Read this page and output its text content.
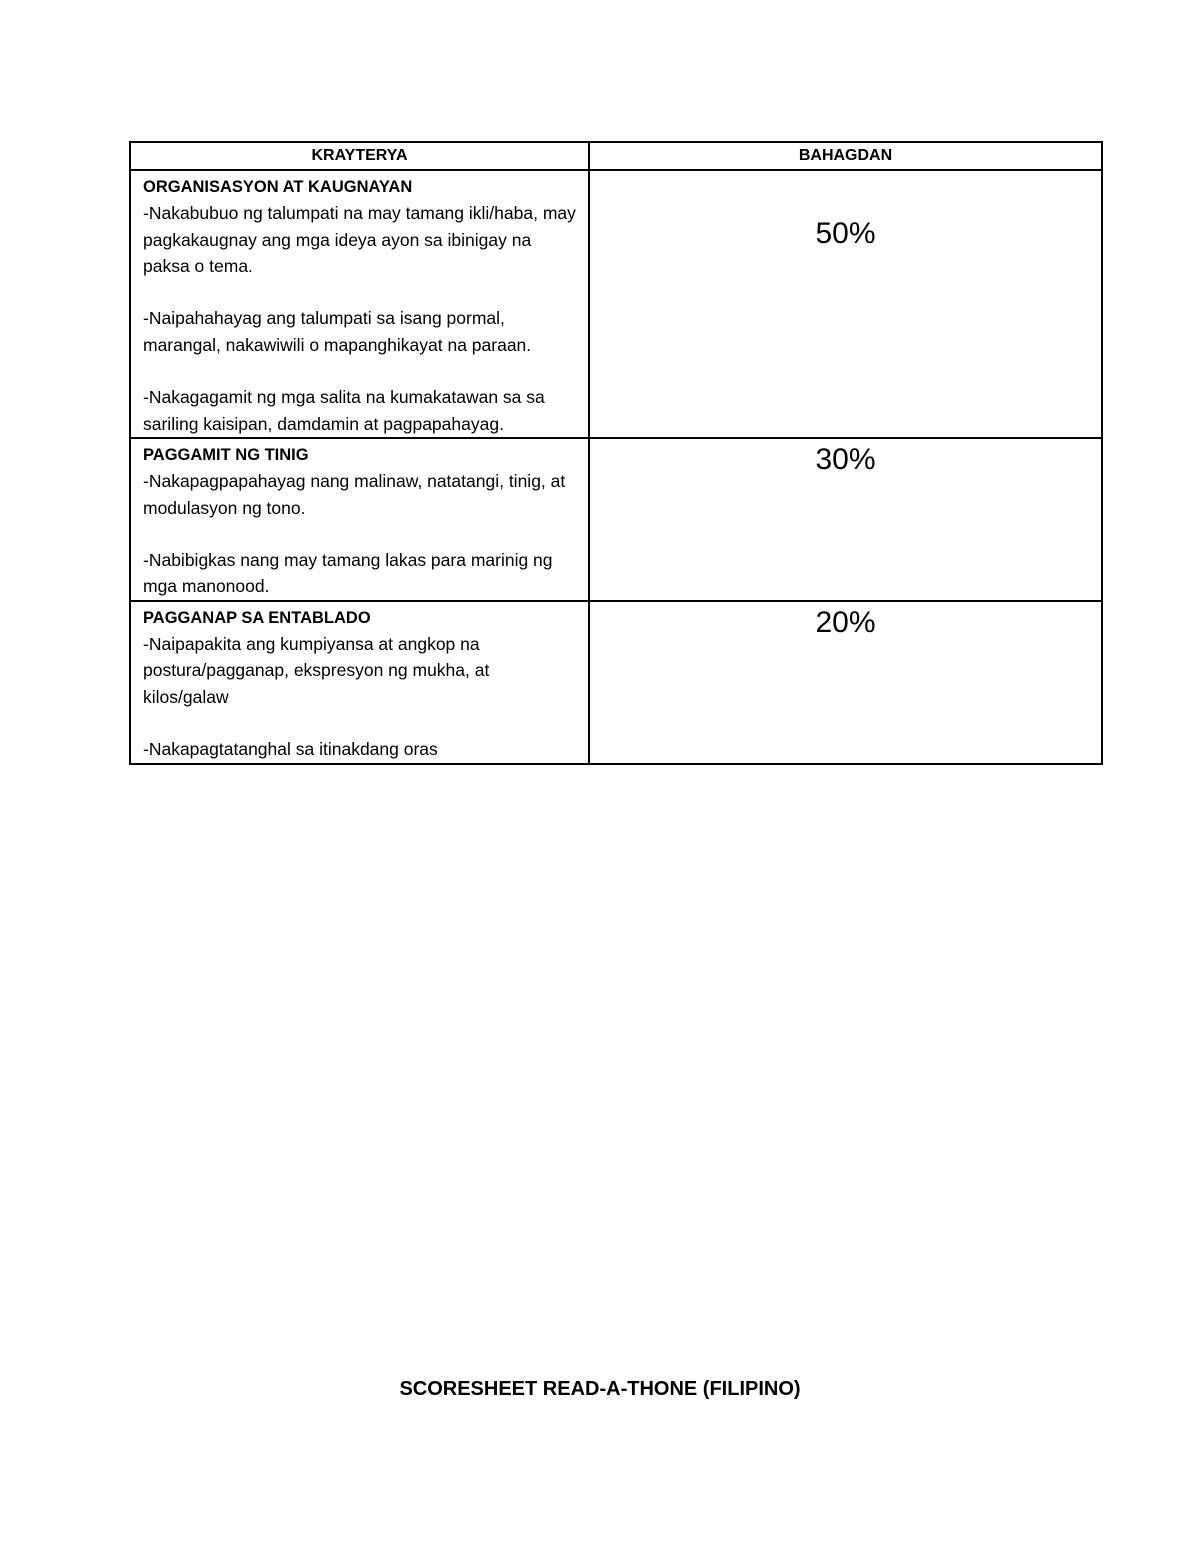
KRAYTERYA	BAHAGDAN

ORGANISASYON AT KAUGNAYAN

-Nakabubuo ng talumpati na may tamang ikli/haba, may pagkakaugnay ang mga ideya ayon sa ibinigay na paksa o tema.

-Naipahahayag ang talumpati sa isang pormal, marangal, nakawiwili o mapanghikayat na paraan.

-Nakagagamit ng mga salita na kumakatawan sa sa sariling kaisipan, damdamin at pagpapahayag.	50%

PAGGAMIT NG TINIG

-Nakapagpapahayag nang malinaw, natatangi, tinig, at modulasyon ng tono.

-Nabibigkas nang may tamang lakas para marinig ng mga manonood.	30%

PAGGANAP SA ENTABLADO

-Naipapakita ang kumpiyansa at angkop na postura/pagganap, ekspresyon ng mukha, at kilos/galaw

-Nakapagtatanghal sa itinakdang oras	20%
SCORESHEET READ-A-THONE (FILIPINO)
